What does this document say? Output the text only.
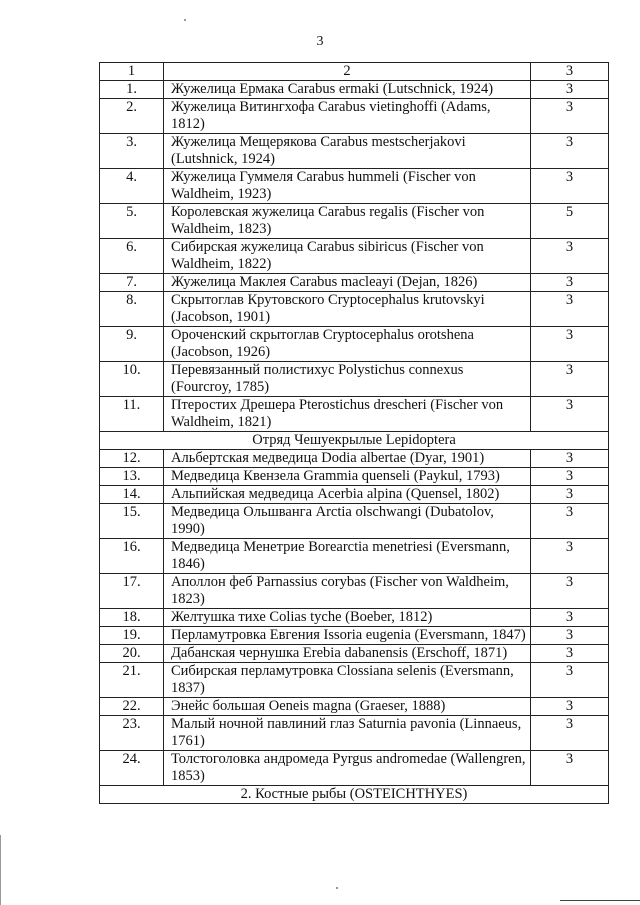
3
1	2	3
1.	Жужелица Ермака Carabus ermaki (Lutschnick, 1924)	3
2.	Жужелица Витингхофа Carabus vietinghoffi (Adams, 1812)	3
3.	Жужелица Мещерякова Carabus mestscherjakovi (Lutshnick, 1924)	3
4.	Жужелица Гуммеля Carabus hummeli (Fischer von Waldheim, 1923)	3
5.	Королевская жужелица Carabus regalis (Fischer von Waldheim, 1823)	5
6.	Сибирская жужелица Carabus sibiricus (Fischer von Waldheim, 1822)	3
7.	Жужелица Маклея Carabus macleayi (Dejan, 1826)	3
8.	Скрытоглав Крутовского Cryptocephalus krutovskyi (Jacobson, 1901)	3
9.	Ороченский скрытоглав Cryptocephalus orotshena (Jacobson, 1926)	3
10.	Перевязанный полистихус Polystichus connexus (Fourcroy, 1785)	3
11.	Птеростих Дрешера Pterostichus drescheri (Fischer von Waldheim, 1821)	3
Отряд Чешуекрылые Lepidoptera		
12.	Альбертская медведица Dodia albertae (Dyar, 1901)	3
13.	Медведица Квензела Grammia quenseli (Paykul, 1793)	3
14.	Альпийская медведица Acerbia alpina (Quensel, 1802)	3
15.	Медведица Ольшванга Arctia olschwangi (Dubatolov, 1990)	3
16.	Медведица Менетрие Borearctia menetriesi (Eversmann, 1846)	3
17.	Аполлон феб Parnassius corybas (Fischer von Waldheim, 1823)	3
18.	Желтушка тихе Colias tyche (Boeber, 1812)	3
19.	Перламутровка Евгения Issoria eugenia (Eversmann, 1847)	3
20.	Дабанская чернушка Erebia dabanensis (Erschoff, 1871)	3
21.	Сибирская перламутровка Clossiana selenis (Eversmann, 1837)	3
22.	Энейс большая Oeneis magna (Graeser, 1888)	3
23.	Малый ночной павлиний глаз Saturnia pavonia (Linnaeus, 1761)	3
24.	Толстоголовка андромеда Pyrgus andromedae (Wallengren, 1853)	3
2. Костные рыбы (OSTEICHTHYES)		
